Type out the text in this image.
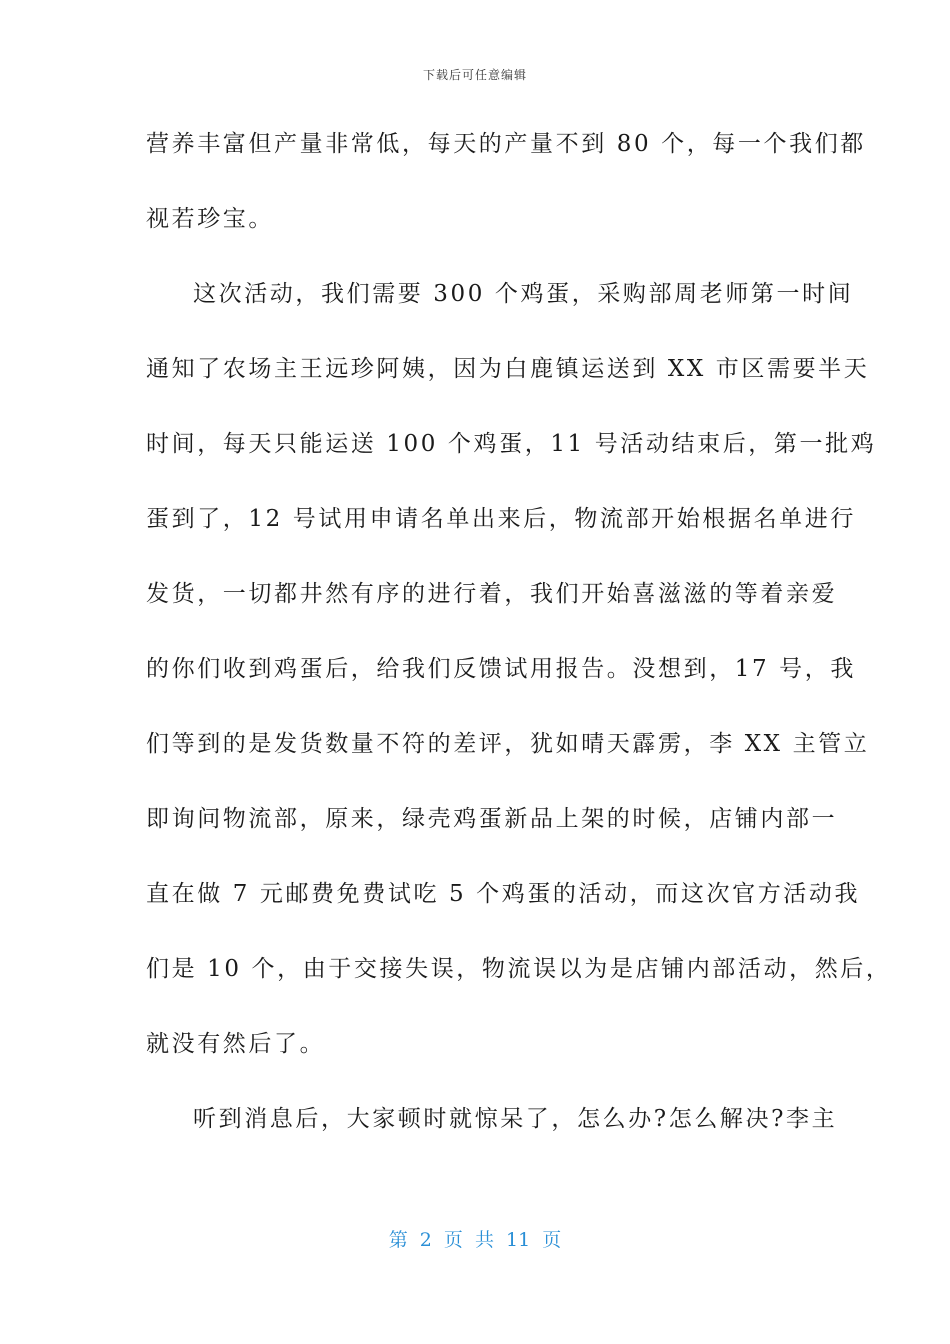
下载后可任意编辑
营养丰富但产量非常低，每天的产量不到 80 个，每一个我们都
视若珍宝。
这次活动，我们需要 300 个鸡蛋，采购部周老师第一时间
通知了农场主王远珍阿姨，因为白鹿镇运送到 XX 市区需要半天
时间，每天只能运送 100 个鸡蛋，11 号活动结束后，第一批鸡
蛋到了，12 号试用申请名单出来后，物流部开始根据名单进行
发货，一切都井然有序的进行着，我们开始喜滋滋的等着亲爱
的你们收到鸡蛋后，给我们反馈试用报告。没想到，17 号，我
们等到的是发货数量不符的差评，犹如晴天霹雳，李 XX 主管立
即询问物流部，原来，绿壳鸡蛋新品上架的时候，店铺内部一
直在做 7 元邮费免费试吃 5 个鸡蛋的活动，而这次官方活动我
们是 10 个，由于交接失误，物流误以为是店铺内部活动，然后，
就没有然后了。
听到消息后，大家顿时就惊呆了，怎么办?怎么解决?李主
第 2 页 共 11 页
